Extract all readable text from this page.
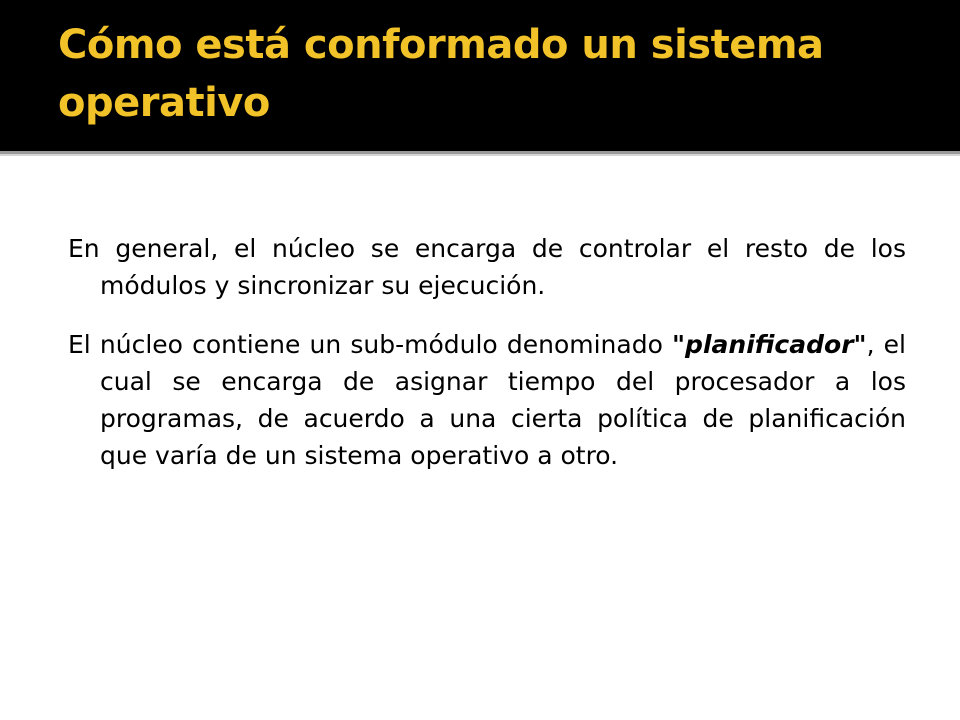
Cómo está conformado un sistema operativo

En general, el núcleo se encarga de controlar el resto de los módulos y sincronizar su ejecución.

El núcleo contiene un sub-módulo denominado "planificador", el cual se encarga de asignar tiempo del procesador a los programas, de acuerdo a una cierta política de planificación que varía de un sistema operativo a otro.
